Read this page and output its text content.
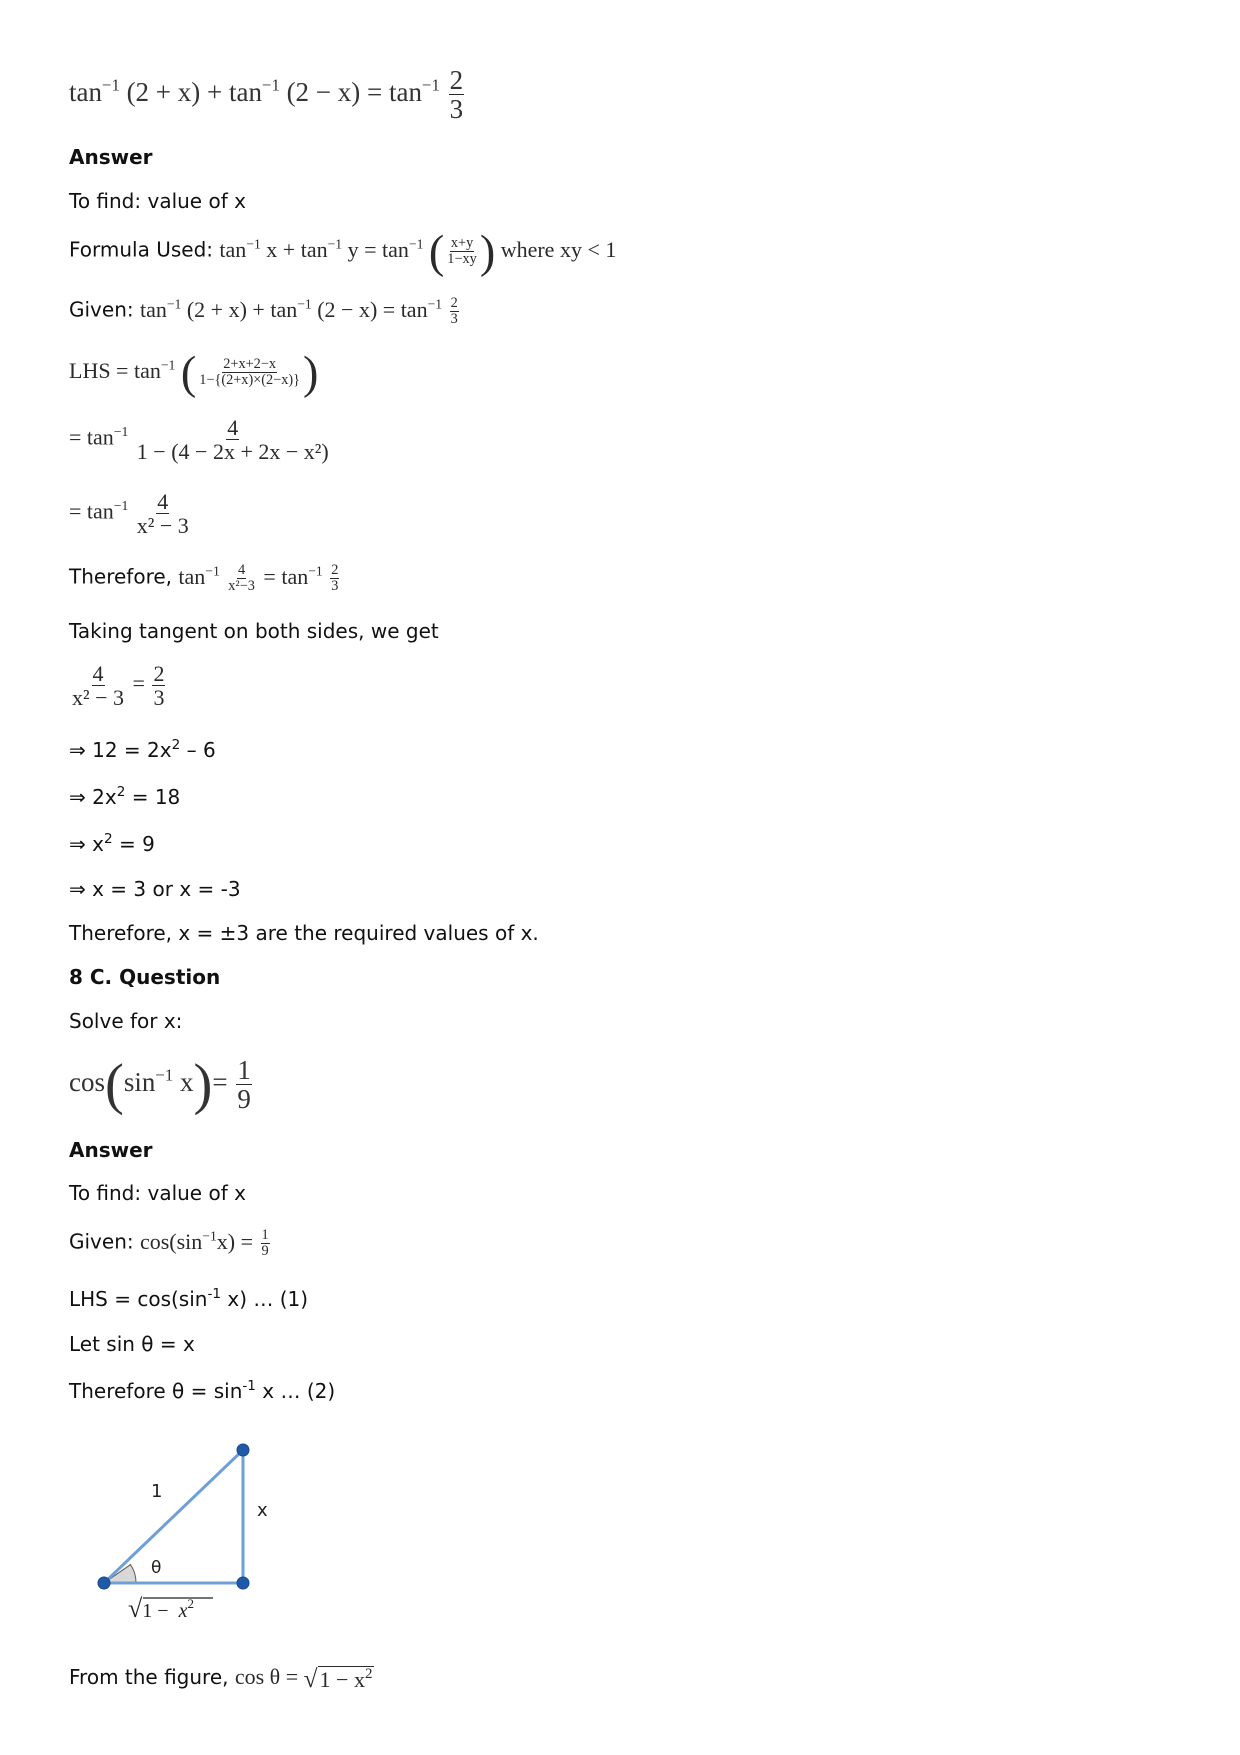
$\tan^{-1} (2 + x) + \tan^{-1} (2 - x) = \tan^{-1} \frac{2}{3}$
Answer
To find: value of x
Formula Used: $\tan^{-1} x + \tan^{-1} y = \tan^{-1}$ ( $\frac{x+y}{1-xy}$ ) where xy < 1
Given: $\tan^{-1} (2 + x) + \tan^{-1} (2 - x) = \tan^{-1} \frac{2}{3}$
LHS = $\tan^{-1}$ ( $\frac{2+x+2-x}{1-\{(2+x)\times(2-x)\}}$ )
= $\tan^{-1} \frac{4}{\text{1 − (4 − 2x + 2x − x²)}}$
= $\tan^{-1} \frac{4}{\text{x² − 3}}$
Therefore, $\tan^{-1} \frac{4}{\text{x²−3}} = \tan^{-1} \frac{2}{3}$
Taking tangent on both sides, we get
$\frac{4}{\text{x² − 3}} = \frac{2}{3}$
⇒ $12 = 2x^2 - 6$
⇒ $2x^2 = 18$
⇒ $x^2 = 9$
⇒ x = 3 or x = -3
Therefore, x = ±3 are the required values of x.
8 C. Question
Solve for x:
$\cos(\sin^{-1}$ $x)= \frac{1}{9}$
Answer
To find: value of x
Given: $\cos(\sin^{-1}x) = \frac{1}{9}$
LHS = $\cos(\sin^{-1}$ x) … (1)
Let sin θ = x
Therefore $\theta = \sin^{-1} x$ … (2)
1
x
θ
$√1 - x^2$
From the figure, cos θ = √ $1 - x^2$
